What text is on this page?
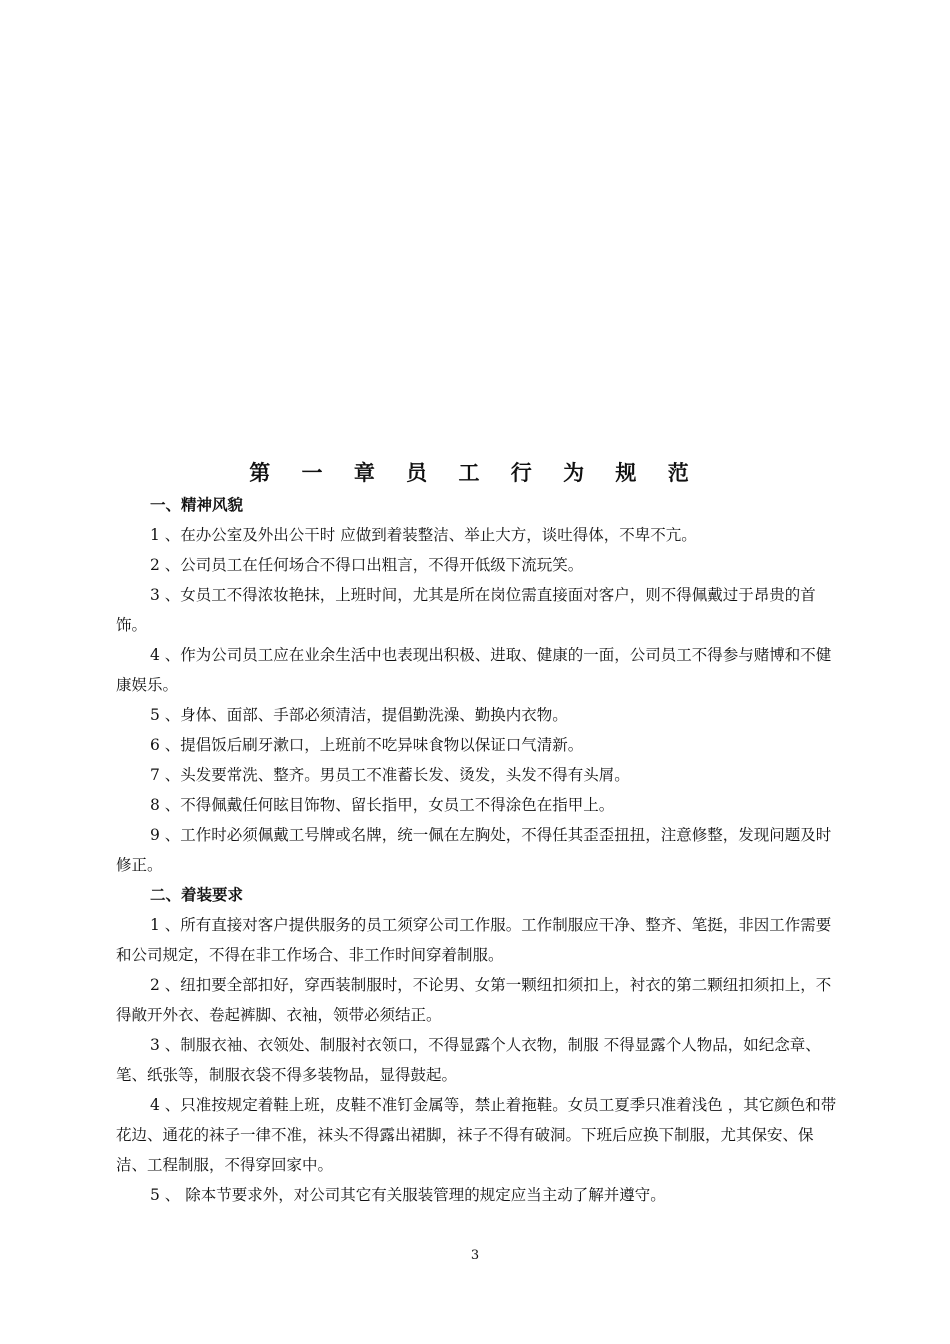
第 一 章 员 工 行 为 规 范
一、精神风貌

1 、在办公室及外出公干时 应做到着装整洁、举止大方，谈吐得体，不卑不亢。

2 、公司员工在任何场合不得口出粗言，不得开低级下流玩笑。

3 、女员工不得浓妆艳抹，上班时间，尤其是所在岗位需直接面对客户，则不得佩戴过于昂贵的首饰。

4 、作为公司员工应在业余生活中也表现出积极、进取、健康的一面，公司员工不得参与赌博和不健康娱乐。

5 、身体、面部、手部必须清洁，提倡勤洗澡、勤换内衣物。

6 、提倡饭后刷牙漱口，上班前不吃异味食物以保证口气清新。

7 、头发要常洗、整齐。男员工不准蓄长发、烫发，头发不得有头屑。

8 、不得佩戴任何眩目饰物、留长指甲，女员工不得涂色在指甲上。

9 、工作时必须佩戴工号牌或名牌，统一佩在左胸处，不得任其歪歪扭扭，注意修整，发现问题及时修正。

二、着装要求

1 、所有直接对客户提供服务的员工须穿公司工作服。工作制服应干净、整齐、笔挺，非因工作需要和公司规定，不得在非工作场合、非工作时间穿着制服。

2 、纽扣要全部扣好，穿西装制服时，不论男、女第一颗纽扣须扣上，衬衣的第二颗纽扣须扣上，不得敞开外衣、卷起裤脚、衣袖，领带必须结正。

3 、制服衣袖、衣领处、制服衬衣领口，不得显露个人衣物，制服 不得显露个人物品，如纪念章、笔、纸张等，制服衣袋不得多装物品，显得鼓起。

4 、只准按规定着鞋上班，皮鞋不准钉金属等，禁止着拖鞋。女员工夏季只准着浅色 ，其它颜色和带花边、通花的袜子一律不准，袜头不得露出裙脚，袜子不得有破洞。下班后应换下制服，尤其保安、保洁、工程制服，不得穿回家中。

5 、 除本节要求外，对公司其它有关服装管理的规定应当主动了解并遵守。

3
